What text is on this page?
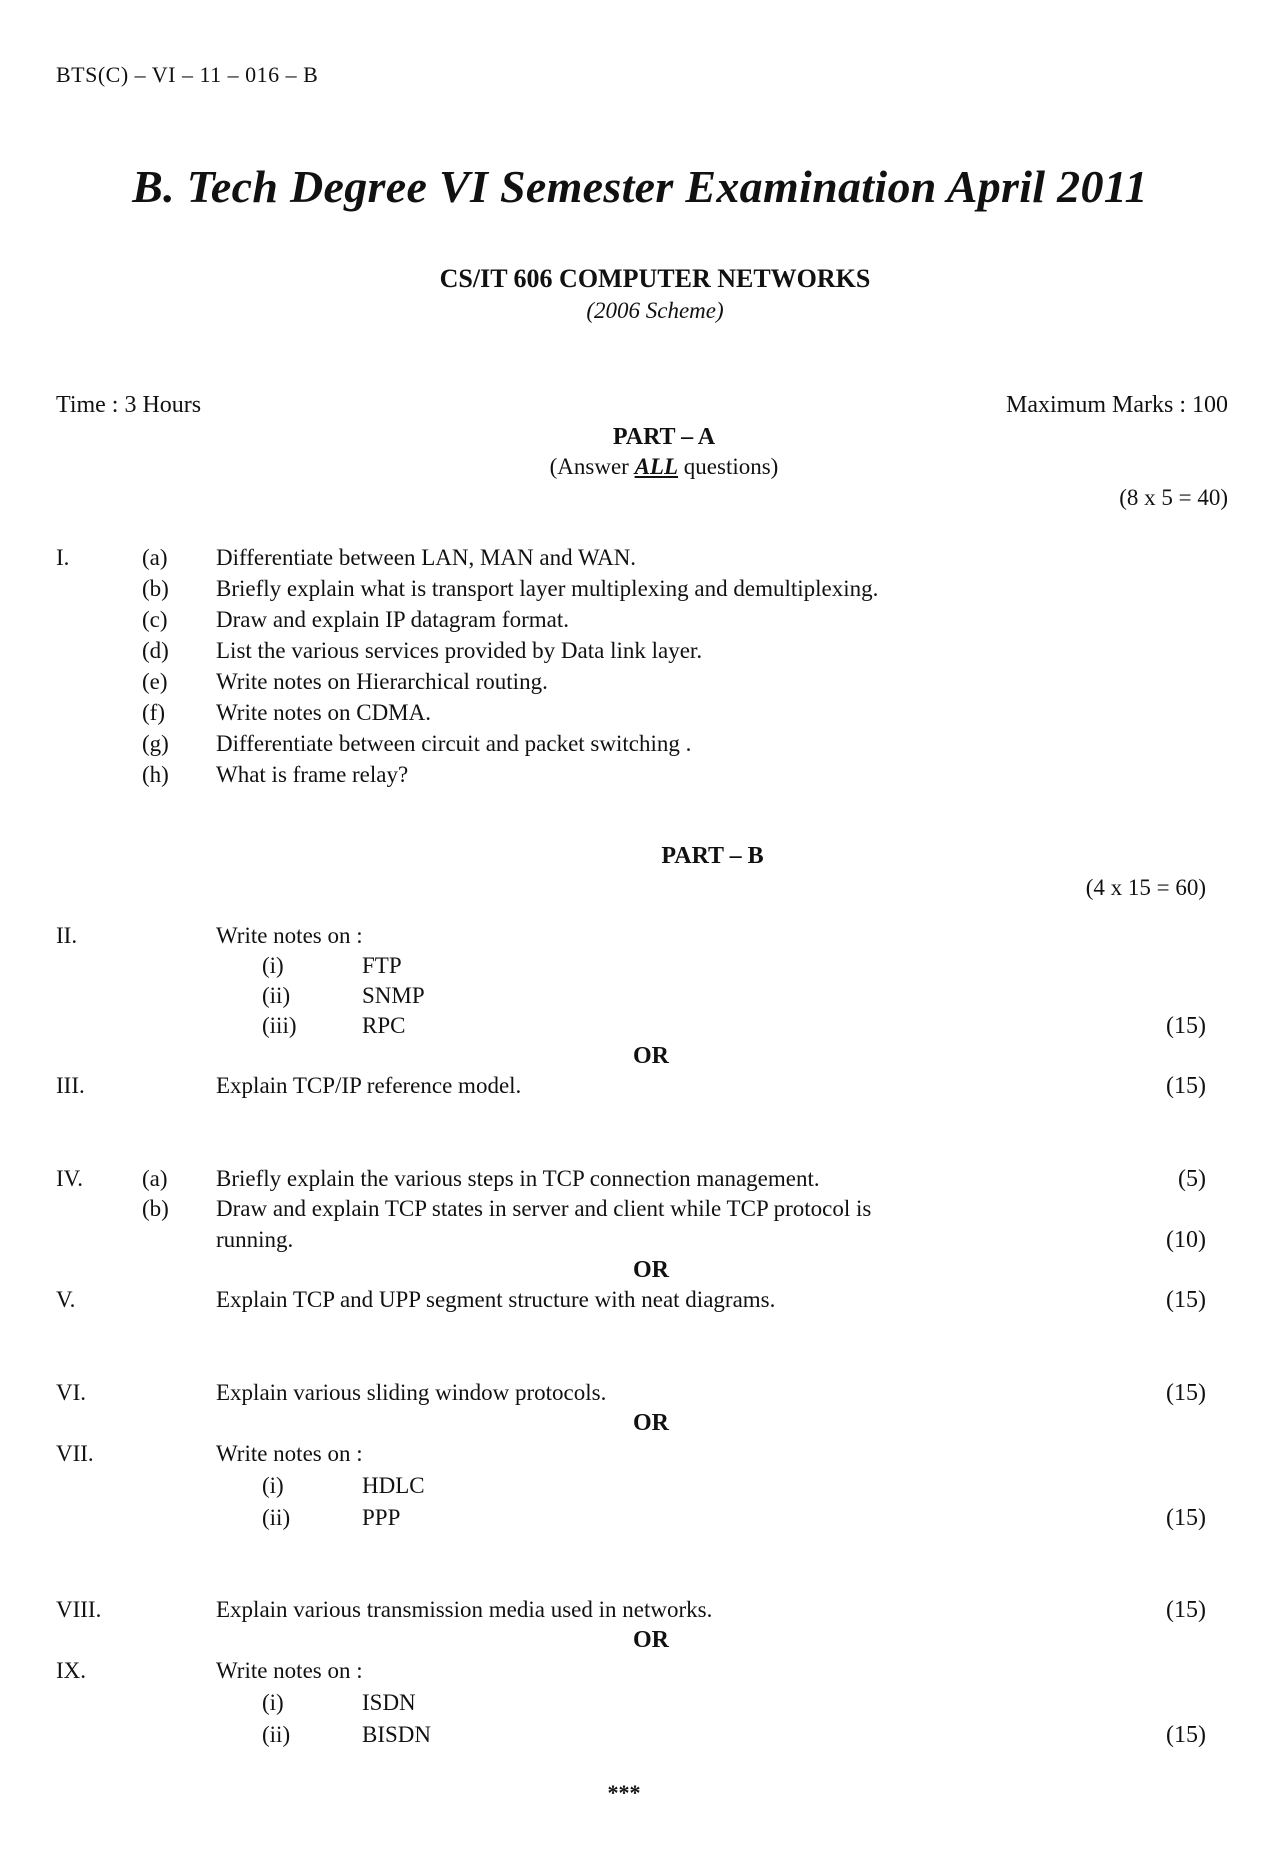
BTS(C) – VI – 11 – 016 – B
B. Tech Degree VI Semester Examination April 2011
CS/IT 606 COMPUTER NETWORKS
(2006 Scheme)
Time : 3 Hours	Maximum Marks : 100
PART – A
(Answer ALL questions)
(8 x 5 = 40)
I.	(a) Differentiate between LAN, MAN and WAN.
(b) Briefly explain what is transport layer multiplexing and demultiplexing.
(c) Draw and explain IP datagram format.
(d) List the various services provided by Data link layer.
(e) Write notes on Hierarchical routing.
(f) Write notes on CDMA.
(g) Differentiate between circuit and packet switching .
(h) What is frame relay?
PART – B
(4 x 15 = 60)
II.	Write notes on :
(i)	FTP
(ii)	SNMP
(iii)	RPC	(15)
OR
III.	Explain TCP/IP reference model.	(15)
IV.	(a) Briefly explain the various steps in TCP connection management.	(5)
(b) Draw and explain TCP states in server and client while TCP protocol is
running.	(10)
OR
V.	Explain TCP and UPP segment structure with neat diagrams.	(15)
VI.	Explain various sliding window protocols.	(15)
OR
VII.	Write notes on :
(i)	HDLC
(ii)	PPP	(15)
VIII.	Explain various transmission media used in networks.	(15)
OR
IX.	Write notes on :
(i)	ISDN
(ii)	BISDN	(15)
***
